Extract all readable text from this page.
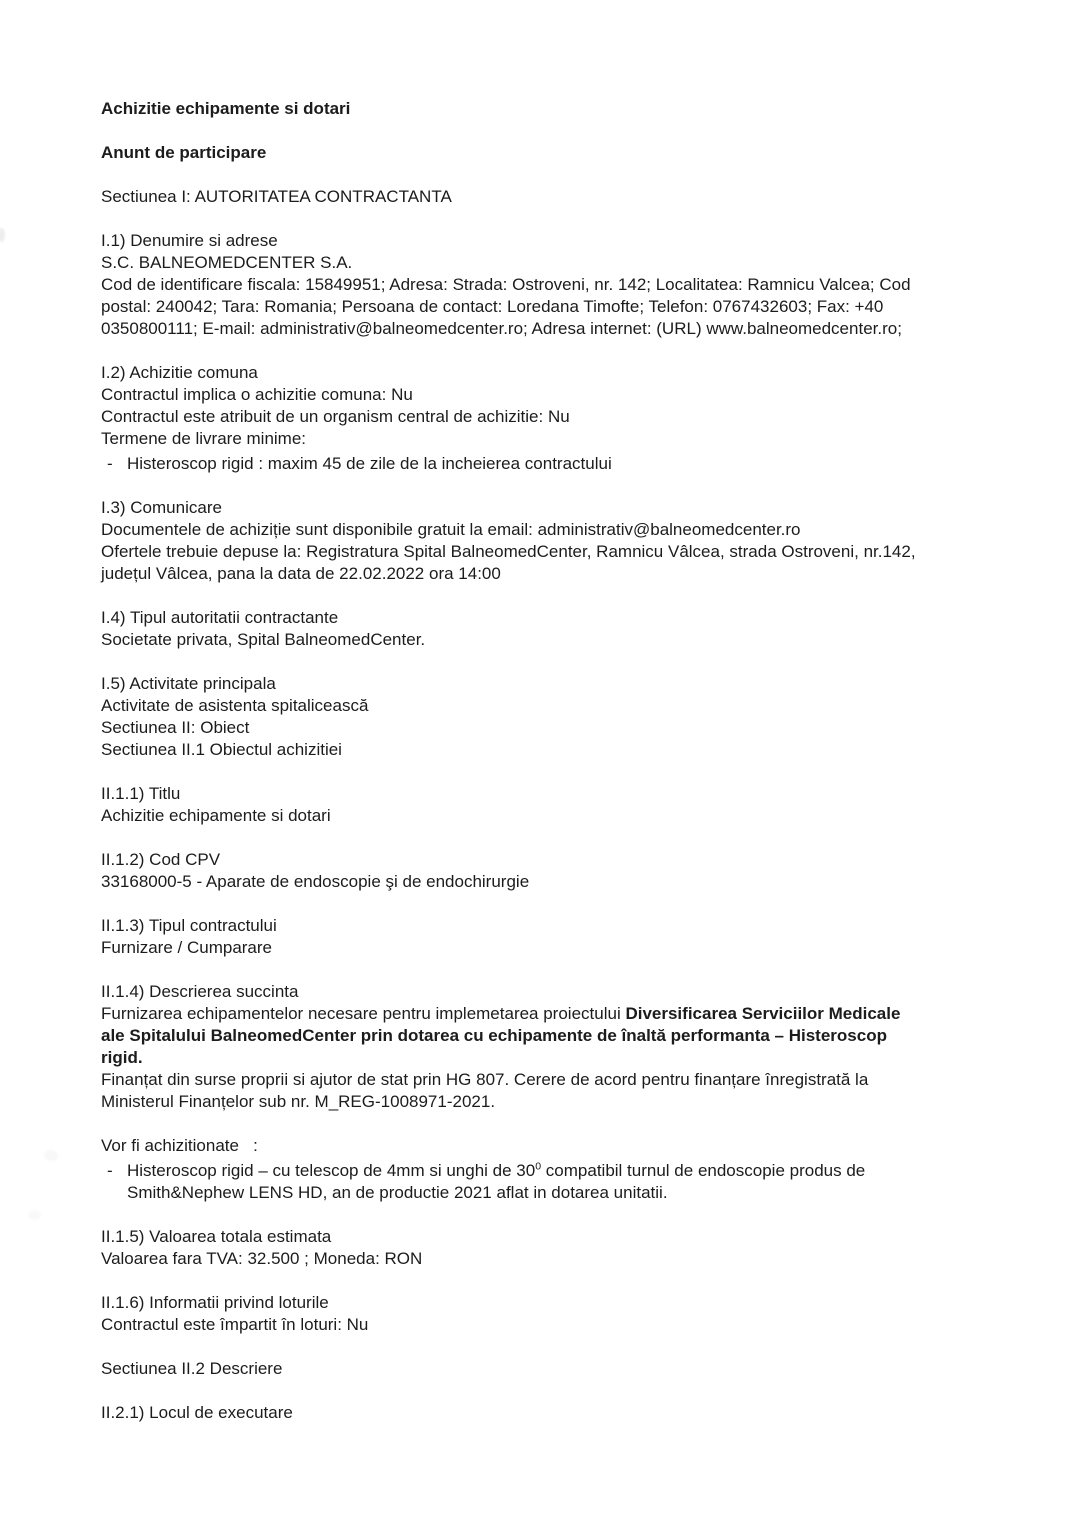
Achizitie echipamente si dotari
Anunt de participare
Sectiunea I: AUTORITATEA CONTRACTANTA
I.1) Denumire si adrese
S.C. BALNEOMEDCENTER S.A.
Cod de identificare fiscala: 15849951; Adresa: Strada: Ostroveni, nr. 142; Localitatea: Ramnicu Valcea; Cod
postal: 240042; Tara: Romania; Persoana de contact: Loredana Timofte; Telefon: 0767432603; Fax: +40
0350800111; E-mail: administrativ@balneomedcenter.ro; Adresa internet: (URL) www.balneomedcenter.ro;
I.2) Achizitie comuna
Contractul implica o achizitie comuna: Nu
Contractul este atribuit de un organism central de achizitie: Nu
Termene de livrare minime:
- Histeroscop rigid : maxim 45 de zile de la incheierea contractului
I.3) Comunicare
Documentele de achiziție sunt disponibile gratuit la email: administrativ@balneomedcenter.ro
Ofertele trebuie depuse la: Registratura Spital BalneomedCenter, Ramnicu Vâlcea, strada Ostroveni, nr.142,
județul Vâlcea, pana la data de 22.02.2022 ora 14:00
I.4) Tipul autoritatii contractante
Societate privata, Spital BalneomedCenter.
I.5) Activitate principala
Activitate de asistenta spitalicească
Sectiunea II: Obiect
Sectiunea II.1 Obiectul achizitiei
II.1.1) Titlu
Achizitie echipamente si dotari
II.1.2) Cod CPV
33168000-5 - Aparate de endoscopie şi de endochirurgie
II.1.3) Tipul contractului
Furnizare / Cumparare
II.1.4) Descrierea succinta
Furnizarea echipamentelor necesare pentru implemetarea proiectului Diversificarea Serviciilor Medicale
ale Spitalului BalneomedCenter prin dotarea cu echipamente de înaltă performanta – Histeroscop
rigid.
Finanțat din surse proprii si ajutor de stat prin HG 807. Cerere de acord pentru finanțare înregistrată la
Ministerul Finanțelor sub nr. M_REG-1008971-2021.
Vor fi achizitionate   :
- Histeroscop rigid – cu telescop de 4mm si unghi de $30^0$ compatibil turnul de endoscopie produs de
Smith&Nephew LENS HD, an de productie 2021 aflat in dotarea unitatii.
II.1.5) Valoarea totala estimata
Valoarea fara TVA: 32.500 ; Moneda: RON
II.1.6) Informatii privind loturile
Contractul este împartit în loturi: Nu
Sectiunea II.2 Descriere
II.2.1) Locul de executare
